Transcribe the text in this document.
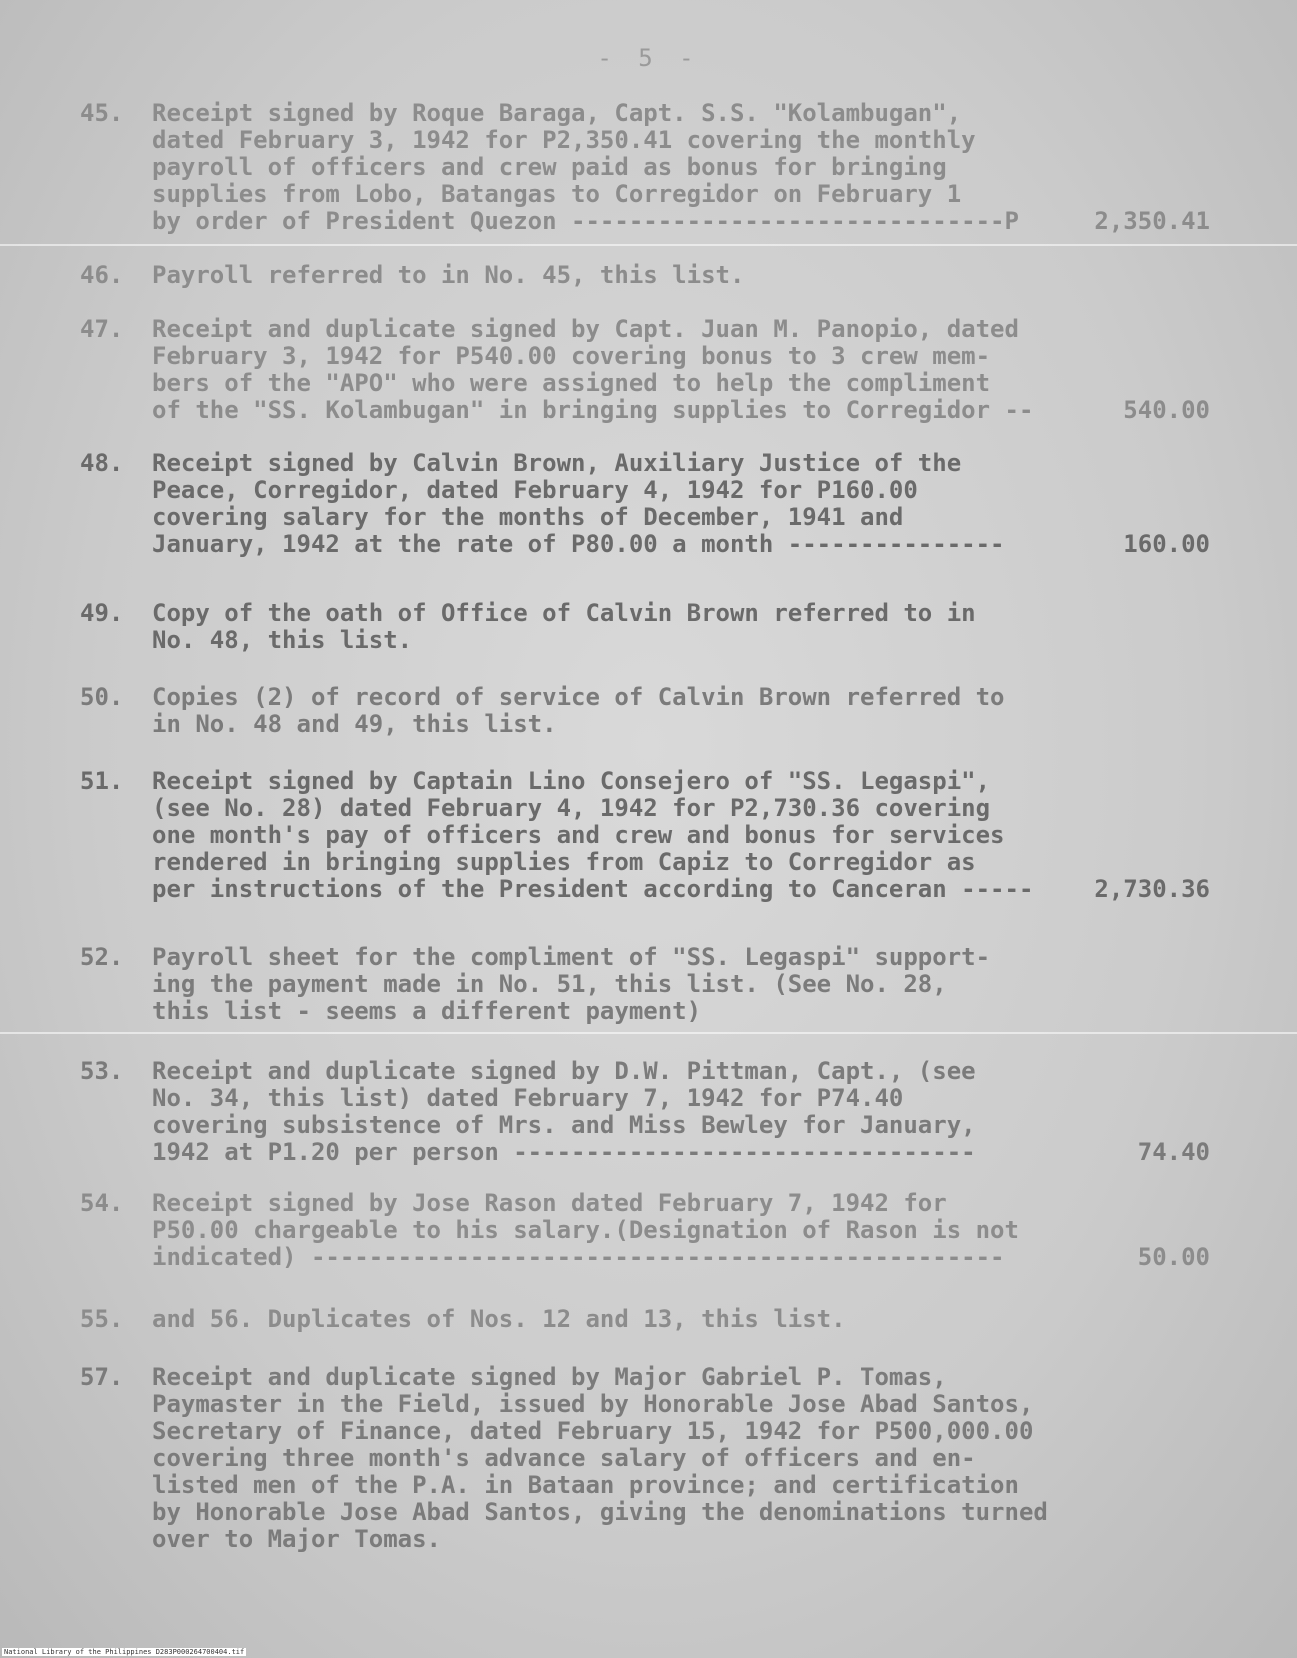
- 5 -
45.	Receipt signed by Roque Baraga, Capt. S.S. "Kolambugan",
dated February 3, 1942 for P2,350.41 covering the monthly
payroll of officers and crew paid as bonus for bringing
supplies from Lobo, Batangas to Corregidor on February 1
by order of President Quezon ------------------------------P	2,350.41
46.	Payroll referred to in No. 45, this list.
47.	Receipt and duplicate signed by Capt. Juan M. Panopio, dated
February 3, 1942 for P540.00 covering bonus to 3 crew mem-
bers of the "APO" who were assigned to help the compliment
of the "SS. Kolambugan" in bringing supplies to Corregidor --	540.00
48.	Receipt signed by Calvin Brown, Auxiliary Justice of the
Peace, Corregidor, dated February 4, 1942 for P160.00
covering salary for the months of December, 1941 and
January, 1942 at the rate of P80.00 a month ---------------	160.00
49.	Copy of the oath of Office of Calvin Brown referred to in
No. 48, this list.
50.	Copies (2) of record of service of Calvin Brown referred to
in No. 48 and 49, this list.
51.	Receipt signed by Captain Lino Consejero of "SS. Legaspi",
(see No. 28) dated February 4, 1942 for P2,730.36 covering
one month's pay of officers and crew and bonus for services
rendered in bringing supplies from Capiz to Corregidor as
per instructions of the President according to Canceran -----	2,730.36
52.	Payroll sheet for the compliment of "SS. Legaspi" support-
ing the payment made in No. 51, this list. (See No. 28,
this list - seems a different payment)
53.	Receipt and duplicate signed by D.W. Pittman, Capt., (see
No. 34, this list) dated February 7, 1942 for P74.40
covering subsistence of Mrs. and Miss Bewley for January,
1942 at P1.20 per person --------------------------------	74.40
54.	Receipt signed by Jose Rason dated February 7, 1942 for
P50.00 chargeable to his salary.(Designation of Rason is not
indicated) ------------------------------------------------	50.00
55.	and 56. Duplicates of Nos. 12 and 13, this list.
57.	Receipt and duplicate signed by Major Gabriel P. Tomas,
Paymaster in the Field, issued by Honorable Jose Abad Santos,
Secretary of Finance, dated February 15, 1942 for P500,000.00
covering three month's advance salary of officers and en-
listed men of the P.A. in Bataan province; and certification
by Honorable Jose Abad Santos, giving the denominations turned
over to Major Tomas.
National Library of the Philippines D283P000264700404.tif
